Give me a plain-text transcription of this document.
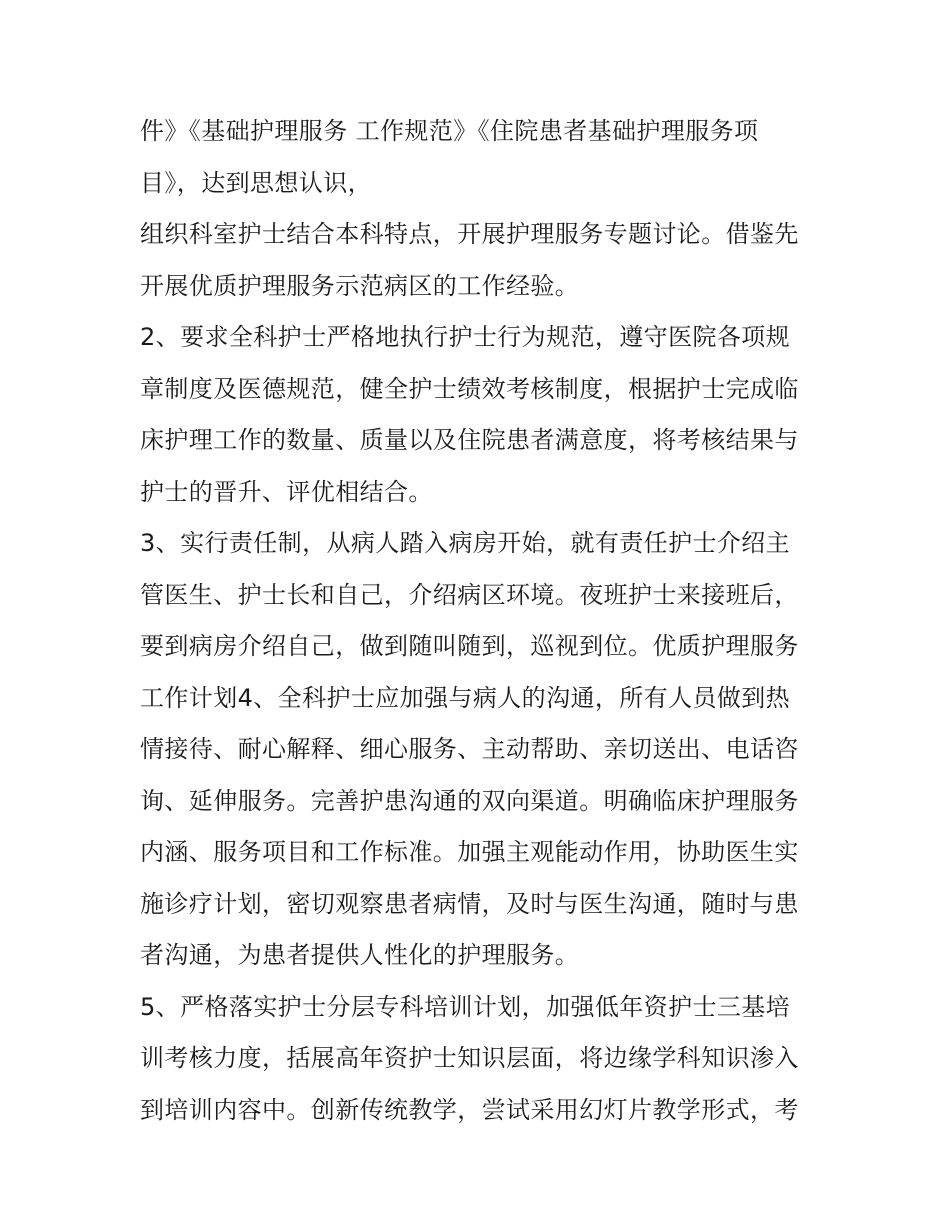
件》《基础护理服务 工作规范》《住院患者基础护理服务项
目》，达到思想认识，
组织科室护士结合本科特点，开展护理服务专题讨论。借鉴先
开展优质护理服务示范病区的工作经验。
2、要求全科护士严格地执行护士行为规范，遵守医院各项规
章制度及医德规范，健全护士绩效考核制度，根据护士完成临
床护理工作的数量、质量以及住院患者满意度，将考核结果与
护士的晋升、评优相结合。
3、实行责任制，从病人踏入病房开始，就有责任护士介绍主
管医生、护士长和自己，介绍病区环境。夜班护士来接班后，
要到病房介绍自己，做到随叫随到，巡视到位。优质护理服务
工作计划4、全科护士应加强与病人的沟通，所有人员做到热
情接待、耐心解释、细心服务、主动帮助、亲切送出、电话咨
询、延伸服务。完善护患沟通的双向渠道。明确临床护理服务
内涵、服务项目和工作标准。加强主观能动作用，协助医生实
施诊疗计划，密切观察患者病情，及时与医生沟通，随时与患
者沟通，为患者提供人性化的护理服务。
5、严格落实护士分层专科培训计划，加强低年资护士三基培
训考核力度，括展高年资护士知识层面，将边缘学科知识渗入
到培训内容中。创新传统教学，尝试采用幻灯片教学形式，考
